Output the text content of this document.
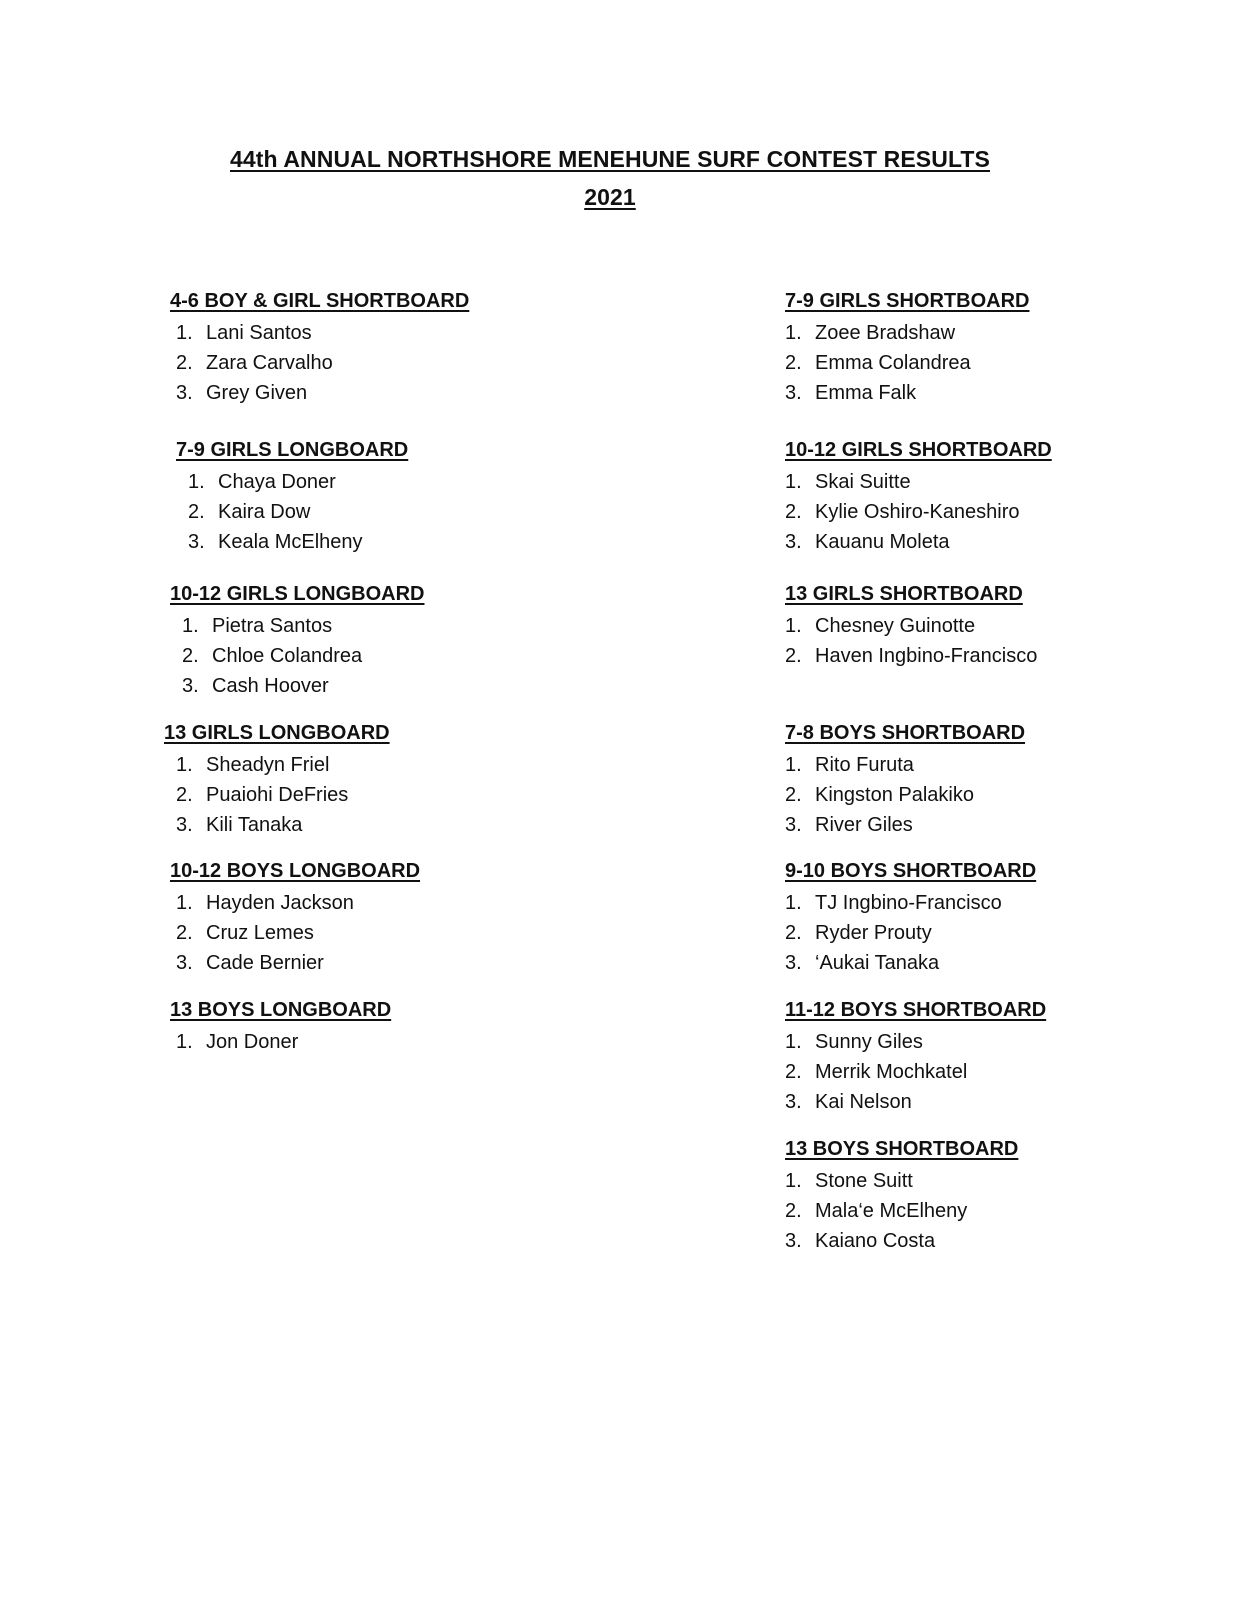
44th ANNUAL NORTHSHORE MENEHUNE SURF CONTEST RESULTS
2021
4-6 BOY & GIRL SHORTBOARD
1. Lani Santos
2. Zara Carvalho
3. Grey Given
7-9 GIRLS LONGBOARD
1. Chaya Doner
2. Kaira Dow
3. Keala McElheny
10-12 GIRLS LONGBOARD
1. Pietra Santos
2. Chloe Colandrea
3. Cash Hoover
13 GIRLS LONGBOARD
1. Sheadyn Friel
2. Puaiohi DeFries
3. Kili Tanaka
10-12 BOYS LONGBOARD
1. Hayden Jackson
2. Cruz Lemes
3. Cade Bernier
13 BOYS LONGBOARD
1. Jon Doner
7-9 GIRLS SHORTBOARD
1. Zoee Bradshaw
2. Emma Colandrea
3. Emma Falk
10-12 GIRLS SHORTBOARD
1. Skai Suitte
2. Kylie Oshiro-Kaneshiro
3. Kauanu Moleta
13 GIRLS SHORTBOARD
1. Chesney Guinotte
2. Haven Ingbino-Francisco
7-8 BOYS SHORTBOARD
1. Rito Furuta
2. Kingston Palakiko
3. River Giles
9-10 BOYS SHORTBOARD
1. TJ Ingbino-Francisco
2. Ryder Prouty
3. ‘Aukai Tanaka
11-12 BOYS SHORTBOARD
1. Sunny Giles
2. Merrik Mochkatel
3. Kai Nelson
13 BOYS SHORTBOARD
1. Stone Suitt
2. Mala‘e McElheny
3. Kaiano Costa
